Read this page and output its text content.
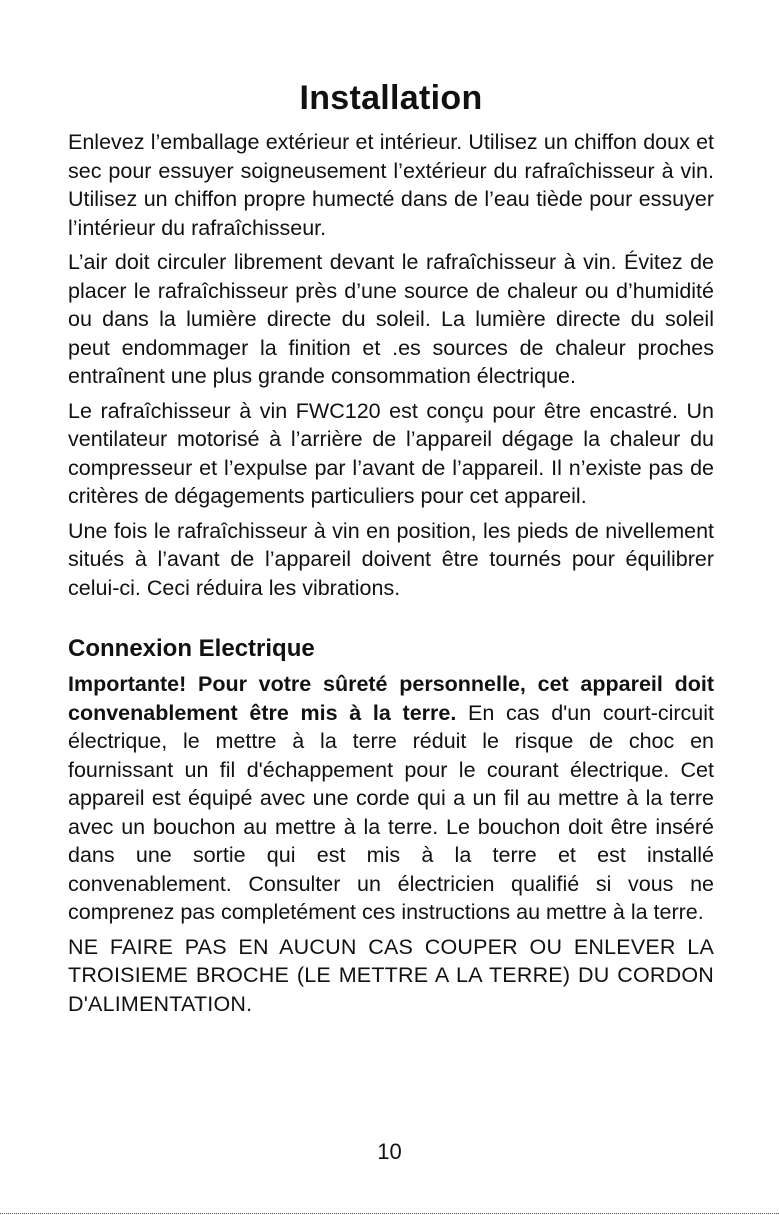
Installation

Enlevez l’emballage extérieur et intérieur. Utilisez un chiffon doux et sec pour essuyer soigneusement l’extérieur du rafraîchisseur à vin. Utilisez un chiffon propre humecté dans de l’eau tiède pour essuyer l’intérieur du rafraîchisseur.

L’air doit circuler librement devant le rafraîchisseur à vin. Évitez de placer le rafraîchisseur près d’une source de chaleur ou d’humidité ou dans la lumière directe du soleil. La lumière directe du soleil peut endommager la finition et .es sources de chaleur proches entraînent une plus grande consommation électrique.

Le rafraîchisseur à vin FWC120 est conçu pour être encastré. Un ventilateur motorisé à l’arrière de l’appareil dégage la chaleur du compresseur et l’expulse par l’avant de l’appareil. Il n’existe pas de critères de dégagements particuliers pour cet appareil.

Une fois le rafraîchisseur à vin en position, les pieds de nivellement situés à l’avant de l’appareil doivent être tournés pour équilibrer celui-ci. Ceci réduira les vibrations.

Connexion Electrique

Importante! Pour votre sûreté personnelle, cet appareil doit convenablement être mis à la terre. En cas d'un court-circuit électrique, le mettre à la terre réduit le risque de choc en fournissant un fil d'échappement pour le courant électrique. Cet appareil est équipé avec une corde qui a un fil au mettre à la terre avec un bouchon au mettre à la terre. Le bouchon doit être inséré dans une sortie qui est mis à la terre et est installé convenablement. Consulter un électricien qualifié si vous ne comprenez pas completément ces instructions au mettre à la terre.

NE FAIRE PAS EN AUCUN CAS COUPER OU ENLEVER LA TROISIEME BROCHE (LE METTRE A LA TERRE) DU CORDON D'ALIMENTATION.

10
